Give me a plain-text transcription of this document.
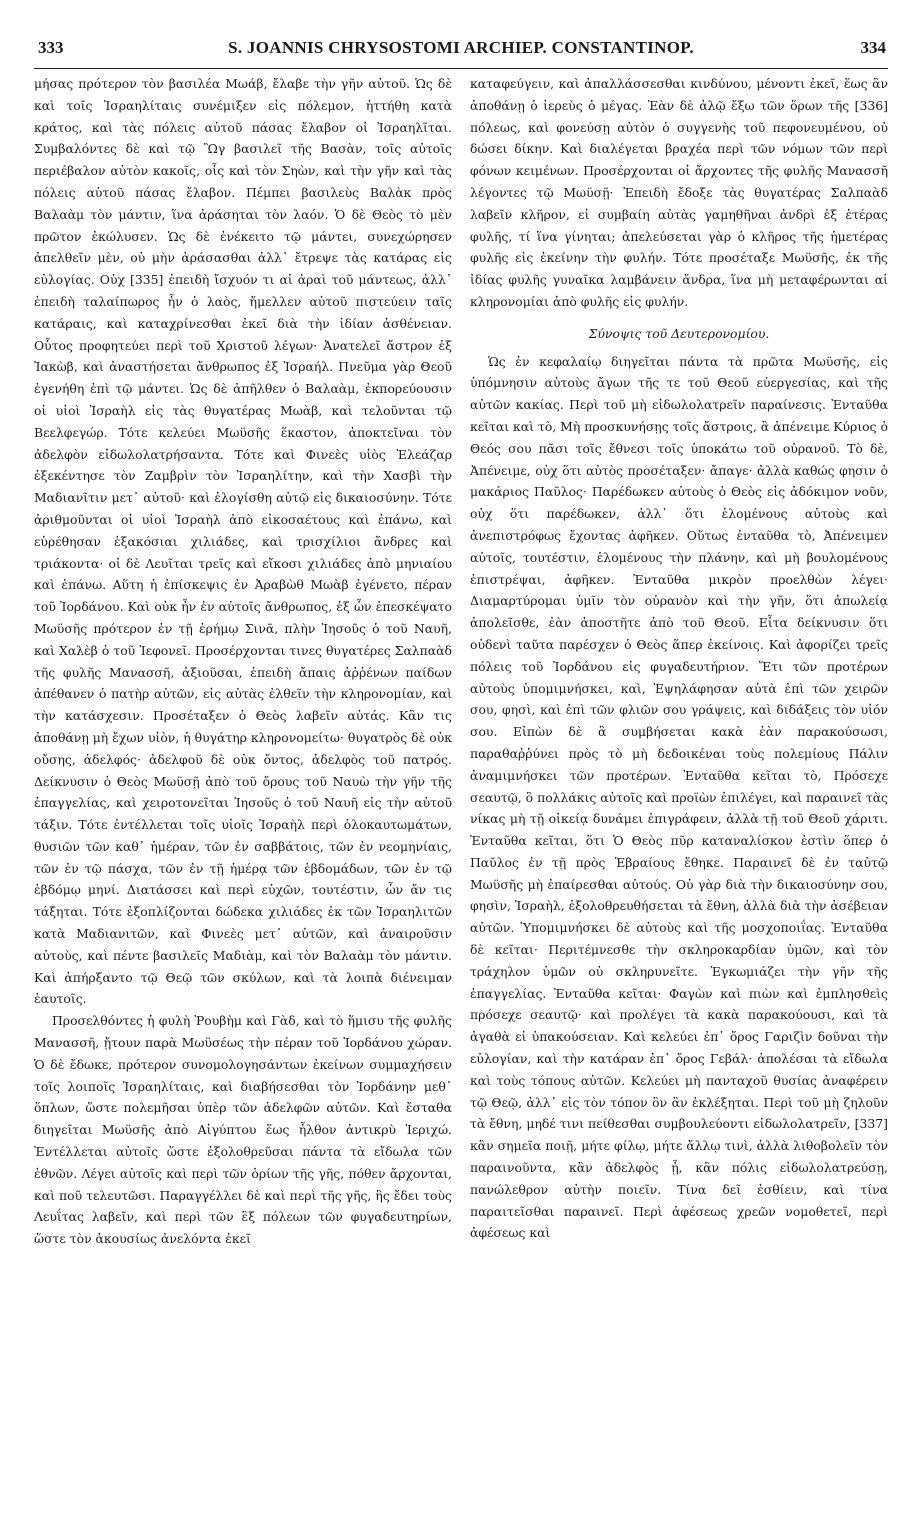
333	S. JOANNIS CHRYSOSTOMI ARCHIEP. CONSTANTINOP.	334

μήσας πρότερον τὸν βασιλέα Μωάβ, ἔλαβε τὴν γῆν αὐτοῦ. Ὡς δὲ καὶ τοῖς Ἰσραηλίταις συνέμιξεν εἰς πόλεμον, ἡττήθη κατὰ κράτος, καὶ τὰς πόλεις αὐτοῦ πάσας ἔλαβον οἱ Ἰσραηλῖται. Συμβαλόντες δὲ καὶ τῷ Ὢγ βασιλεῖ τῆς Βασὰν, τοῖς αὐτοῖς περιέβαλον αὐτὸν κακοῖς, οἷς καὶ τὸν Σηὼν, καὶ τὴν γῆν καὶ τὰς πόλεις αὐτοῦ πάσας ἔλαβον. Πέμπει βασιλεὺς Βαλὰκ πρὸς Βαλαὰμ τὸν μάντιν, ἵνα ἀράσηται τὸν λαόν. Ὁ δὲ Θεὸς τὸ μὲν πρῶτον ἐκώλυσεν. Ὡς δὲ ἐνέκειτο τῷ μάντει, συνεχώρησεν ἀπελθεῖν μὲν, οὐ μὴν ἀράσασθαι ἀλλ᾽ ἔτρεψε τὰς κατάρας εἰς εὐλογίας. Οὐχ [335] ἐπειδὴ ἴσχυόν τι αἱ ἀραὶ τοῦ μάντεως, ἀλλ᾽ ἐπειδὴ ταλαίπωρος ἦν ὁ λαὸς, ἤμελλεν αὐτοῦ πιστεύειν ταῖς κατάραις, καὶ καταχρίνεσθαι ἐκεῖ διὰ τὴν ἰδίαν ἀσθένειαν. Οὗτος προφητεύει περὶ τοῦ Χριστοῦ λέγων· Ἀνατελεῖ ἄστρον ἐξ Ἰακὼβ, καὶ ἀναστήσεται ἄνθρωπος ἐξ Ἰσραήλ. Πνεῦμα γὰρ Θεοῦ ἐγενήθη ἐπὶ τῷ μάντει. Ὡς δὲ ἀπῆλθεν ὁ Βαλαὰμ, ἐκπορεύουσιν οἱ υἱοὶ Ἰσραὴλ εἰς τὰς θυγατέρας Μωὰβ, καὶ τελοῦνται τῷ Βεελφεγώρ. Τότε κελεύει Μωϋσῆς ἕκαστον, ἀποκτεῖναι τὸν ἀδελφὸν εἰδωλολατρήσαντα. Τότε καὶ Φινεὲς υἱὸς Ἐλεάζαρ ἐξεκέντησε τὸν Ζαμβρὶν τὸν Ἰσραηλίτην, καὶ τὴν Χασβὶ τὴν Μαδιανῖτιν μετ᾽ αὐτοῦ· καὶ ἐλογίσθη αὐτῷ εἰς δικαιοσύνην. Τότε ἀριθμοῦνται οἱ υἱοὶ Ἰσραὴλ ἀπὸ εἰκοσαέτους καὶ ἐπάνω, καὶ εὑρέθησαν ἑξακόσιαι χιλιάδες, καὶ τρισχίλιοι ἄνδρες καὶ τριάκοντα· οἱ δὲ Λευῖται τρεῖς καὶ εἴκοσι χιλιάδες ἀπὸ μηνιαίου καὶ ἐπάνω. Αὕτη ἡ ἐπίσκεψις ἐν Ἀραβὼθ Μωὰβ ἐγένετο, πέραν τοῦ Ἰορδάνου. Καὶ οὐκ ἦν ἐν αὐτοῖς ἄνθρωπος, ἐξ ὧν ἐπεσκέψατο Μωϋσῆς πρότερον ἐν τῇ ἐρήμῳ Σινᾶ, πλὴν Ἰησοῦς ὁ τοῦ Ναυῆ, καὶ Χαλὲβ ὁ τοῦ Ἰεφονεῖ. Προσέρχονται τινες θυγατέρες Σαλπαὰδ τῆς φυλῆς Μανασσῆ, ἀξιοῦσαι, ἐπειδὴ ἄπαις ἀῤῥένων παίδων ἀπέθανεν ὁ πατὴρ αὐτῶν, εἰς αὐτὰς ἐλθεῖν τὴν κληρονομίαν, καὶ τὴν κατάσχεσιν. Προσέταξεν ὁ Θεὸς λαβεῖν αὐτάς. Κἂν τις ἀποθάνῃ μὴ ἔχων υἱὸν, ἡ θυγάτηρ κληρονομείτω· θυγατρὸς δὲ οὐκ οὔσης, ἀδελφός· ἀδελφοῦ δὲ οὐκ ὄντος, ἀδελφὸς τοῦ πατρός. Δείκνυσιν ὁ Θεὸς Μωϋσῇ ἀπὸ τοῦ ὄρους τοῦ Ναυὼ τὴν γῆν τῆς ἐπαγγελίας, καὶ χειροτονεῖται Ἰησοῦς ὁ τοῦ Ναυῆ εἰς τὴν αὐτοῦ τάξιν. Τότε ἐντέλλεται τοῖς υἱοῖς Ἰσραὴλ περὶ ὁλοκαυτωμάτων, θυσιῶν τῶν καθ᾽ ἡμέραν, τῶν ἐν σαββάτοις, τῶν ἐν νεομηνίαις, τῶν ἐν τῷ πάσχα, τῶν ἐν τῇ ἡμέρᾳ τῶν ἑβδομάδων, τῶν ἐν τῷ ἑβδόμῳ μηνί. Διατάσσει καὶ περὶ εὐχῶν, τουτέστιν, ὧν ἄν τις τάξηται. Τότε ἐξοπλίζονται δώδεκα χιλιάδες ἐκ τῶν Ἰσραηλιτῶν κατὰ Μαδιανιτῶν, καὶ Φινεὲς μετ᾽ αὐτῶν, καὶ ἀναιροῦσιν αὐτοὺς, καὶ πέντε βασιλεῖς Μαδιὰμ, καὶ τὸν Βαλαὰμ τὸν μάντιν. Καὶ ἀπήρξαντο τῷ Θεῷ τῶν σκύλων, καὶ τὰ λοιπὰ διένειμαν ἑαυτοῖς.

Προσελθόντες ἡ φυλὴ Ῥουβὴμ καὶ Γὰδ, καὶ τὸ ἥμισυ τῆς φυλῆς Μανασσῆ, ᾔτουν παρὰ Μωϋσέως τὴν πέραν τοῦ Ἰορδάνου χώραν. Ὁ δὲ ἔδωκε, πρότερον συνομολογησάντων ἐκείνων συμμαχήσειν τοῖς λοιποῖς Ἰσραηλίταις, καὶ διαβήσεσθαι τὸν Ἰορδάνην μεθ᾽ ὅπλων, ὥστε πολεμῆσαι ὑπὲρ τῶν ἀδελφῶν αὐτῶν. Καὶ ἔσταθα διηγεῖται Μωϋσῆς ἀπὸ Αἰγύπτου ἕως ἦλθον ἀντικρὺ Ἰεριχώ. Ἐντέλλεται αὐτοῖς ὥστε ἐξολοθρεῦσαι πάντα τὰ εἴδωλα τῶν ἐθνῶν. Λέγει αὐτοῖς καὶ περὶ τῶν ὁρίων τῆς γῆς, πόθεν ἄρχονται, καὶ ποῦ τελευτῶσι. Παραγγέλλει δὲ καὶ περὶ τῆς γῆς, ἣς ἔδει τοὺς Λευΐτας λαβεῖν, καὶ περὶ τῶν ἓξ πόλεων τῶν φυγαδευτηρίων, ὥστε τὸν ἀκουσίως ἀνελόντα ἐκεῖ

καταφεύγειν, καὶ ἀπαλλάσσεσθαι κινδύνου, μένοντι ἐκεῖ, ἕως ἂν ἀποθάνῃ ὁ ἱερεὺς ὁ μέγας. Ἐὰν δὲ ἀλῷ ἔξω τῶν ὅρων τῆς [336] πόλεως, καὶ φονεύσῃ αὐτὸν ὁ συγγενὴς τοῦ πεφονευμένου, οὐ δώσει δίκην. Καὶ διαλέγεται βραχέα περὶ τῶν νόμων τῶν περὶ φόνων κειμένων. Προσέρχονται οἱ ἄρχοντες τῆς φυλῆς Μανασσῆ λέγοντες τῷ Μωϋσῇ· Ἐπειδὴ ἔδοξε τὰς θυγατέρας Σαλπαὰδ λαβεῖν κλῆρον, εἰ συμβαίη αὐτὰς γαμηθῆναι ἀνδρὶ ἐξ ἑτέρας φυλῆς, τί ἵνα γίνηται; ἀπελεύσεται γὰρ ὁ κλῆρος τῆς ἡμετέρας φυλῆς εἰς ἐκείνην τὴν φυλήν. Τότε προσέταξε Μωϋσῆς, ἐκ τῆς ἰδίας φυλῆς γυναῖκα λαμβάνειν ἄνδρα, ἵνα μὴ μεταφέρωνται αἱ κληρονομίαι ἀπὸ φυλῆς εἰς φυλήν.

Σύνοψις τοῦ Δευτερονομίου.

Ὡς ἐν κεφαλαίῳ διηγεῖται πάντα τὰ πρῶτα Μωϋσῆς, εἰς ὑπόμνησιν αὐτοὺς ἄγων τῆς τε τοῦ Θεοῦ εὐεργεσίας, καὶ τῆς αὐτῶν κακίας. Περὶ τοῦ μὴ εἰδωλολατρεῖν παραίνεσις. Ἐνταῦθα κεῖται καὶ τὸ, Μὴ προσκυνήσῃς τοῖς ἄστροις, ἃ ἀπένειμε Κύριος ὁ Θεός σου πᾶσι τοῖς ἔθνεσι τοῖς ὑποκάτω τοῦ οὐρανοῦ. Τὸ δὲ, Ἀπένειμε, οὐχ ὅτι αὐτὸς προσέταξεν· ἄπαγε· ἀλλὰ καθώς φησιν ὁ μακάριος Παῦλος· Παρέδωκεν αὐτοὺς ὁ Θεὸς εἰς ἀδόκιμον νοῦν, οὐχ ὅτι παρέδωκεν, ἀλλ᾽ ὅτι ἑλομένους αὐτοὺς καὶ ἀνεπιστρόφως ἔχοντας ἀφῆκεν. Οὕτως ἐνταῦθα τὸ, Ἀπένειμεν αὐτοῖς, τουτέστιν, ἑλομένους τὴν πλάνην, καὶ μὴ βουλομένους ἐπιστρέψαι, ἀφῆκεν. Ἐνταῦθα μικρὸν προελθὼν λέγει· Διαμαρτύρομαι ὑμῖν τὸν οὐρανὸν καὶ τὴν γῆν, ὅτι ἀπωλείᾳ ἀπολεῖσθε, ἐὰν ἀποστῆτε ἀπὸ τοῦ Θεοῦ. Εἶτα δείκνυσιν ὅτι οὐδενὶ ταῦτα παρέσχεν ὁ Θεὸς ἅπερ ἐκείνοις. Καὶ ἀφορίζει τρεῖς πόλεις τοῦ Ἰορδάνου εἰς φυγαδευτήριον. Ἔτι τῶν προτέρων αὐτοὺς ὑπομιμνήσκει, καὶ, Ἐψηλάφησαν αὐτὰ ἐπὶ τῶν χειρῶν σου, φησὶ, καὶ ἐπὶ τῶν φλιῶν σου γράψεις, καὶ διδάξεις τὸν υἱόν σου. Εἰπὼν δὲ ἃ συμβήσεται κακὰ ἐὰν παρακούσωσι, παραθαῤῥύνει πρὸς τὸ μὴ δεδοικέναι τοὺς πολεμίους Πάλιν ἀναμιμνήσκει τῶν προτέρων. Ἐνταῦθα κεῖται τὸ, Πρόσεχε σεαυτῷ, ὃ πολλάκις αὐτοῖς καὶ προϊὼν ἐπιλέγει, καὶ παραινεῖ τὰς νίκας μὴ τῇ οἰκείᾳ δυνάμει ἐπιγράφειν, ἀλλὰ τῇ τοῦ Θεοῦ χάριτι. Ἐνταῦθα κεῖται, ὅτι Ὁ Θεὸς πῦρ καταναλίσκον ἐστὶν ὅπερ ὁ Παῦλος ἐν τῇ πρὸς Ἑβραίους ἔθηκε. Παραινεῖ δὲ ἐν ταὐτῷ Μωϋσῆς μὴ ἐπαίρεσθαι αὐτούς. Οὐ γὰρ διὰ τὴν δικαιοσύνην σου, φησὶν, Ἰσραὴλ, ἐξολοθρευθήσεται τὰ ἔθνη, ἀλλὰ διὰ τὴν ἀσέβειαν αὐτῶν. Ὑπομιμνήσκει δὲ αὐτοὺς καὶ τῆς μοσχοποιΐας. Ἐνταῦθα δὲ κεῖται· Περιτέμνεσθε τὴν σκληροκαρδίαν ὑμῶν, καὶ τὸν τράχηλον ὑμῶν οὐ σκληρυνεῖτε. Ἐγκωμιάζει τὴν γῆν τῆς ἐπαγγελίας. Ἐνταῦθα κεῖται· Φαγὼν καὶ πιὼν καὶ ἐμπλησθεὶς πρόσεχε σεαυτῷ· καὶ προλέγει τὰ κακὰ παρακούουσι, καὶ τὰ ἀγαθὰ εἰ ὑπακούσειαν. Καὶ κελεύει ἐπ᾽ ὄρος Γαριζὶν δοῦναι τὴν εὐλογίαν, καὶ τὴν κατάραν ἐπ᾽ ὄρος Γεβάλ· ἀπολέσαι τὰ εἴδωλα καὶ τοὺς τόπους αὐτῶν. Κελεύει μὴ πανταχοῦ θυσίας ἀναφέρειν τῷ Θεῷ, ἀλλ᾽ εἰς τὸν τόπον ὃν ἂν ἐκλέξηται. Περὶ τοῦ μὴ ζηλοῦν τὰ ἔθνη, μηδέ τινι πείθεσθαι συμβουλεύοντι εἰδωλολατρεῖν, [337] κἂν σημεῖα ποιῇ, μήτε φίλῳ, μήτε ἄλλῳ τινὶ, ἀλλὰ λιθοβολεῖν τὸν παραινοῦντα, κἂν ἀδελφὸς ᾖ, κἂν πόλις εἰδωλολατρεύσῃ, πανώλεθρον αὐτὴν ποιεῖν. Τίνα δεῖ ἐσθίειν, καὶ τίνα παραιτεῖσθαι παραινεῖ. Περὶ ἀφέσεως χρεῶν νομοθετεῖ, περὶ ἀφέσεως καὶ
